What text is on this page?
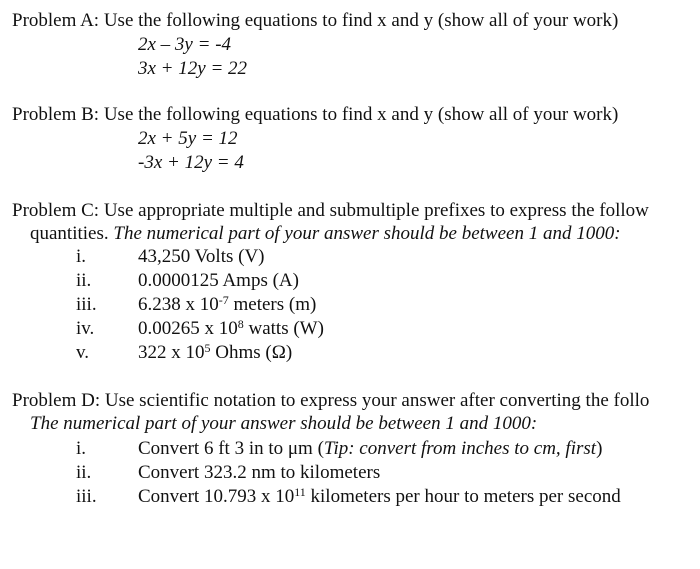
Problem A: Use the following equations to find x and y (show all of your work)
2x – 3y = -4
3x + 12y = 22
Problem B: Use the following equations to find x and y (show all of your work)
2x + 5y = 12
-3x + 12y = 4
Problem C: Use appropriate multiple and submultiple prefixes to express the follow
quantities. The numerical part of your answer should be between 1 and 1000:
i.	43,250 Volts (V)
ii. 0.0000125 Amps (A)
iii. 6.238 x $10^{-7}$ meters (m)
iv. 0.00265 x $10^8$ watts (W)
v.	322 x $10^5$ Ohms (Ω)
Problem D: Use scientific notation to express your answer after converting the follo
The numerical part of your answer should be between 1 and 1000:
i.	Convert 6 ft 3 in to μm (Tip: convert from inches to cm, first)
ii. Convert 323.2 nm to kilometers
iii. Convert 10.793 x $10^{11}$ kilometers per hour to meters per second
